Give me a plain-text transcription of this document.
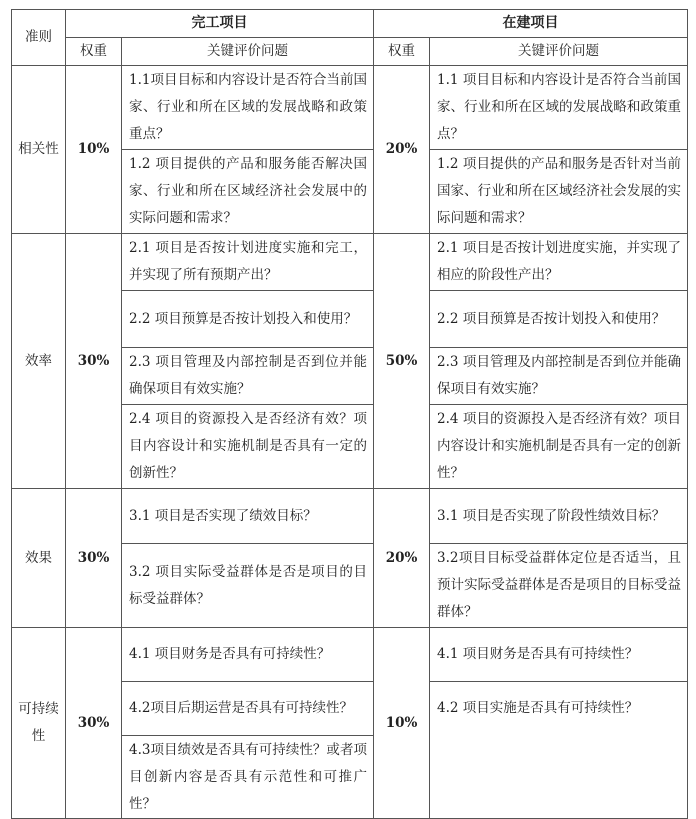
准则	完工项目		在建项目	
	权重	关键评价问题	权重	关键评价问题
相关性	10%	1.1项目目标和内容设计是否符合当前国家、行业和所在区域的发展战略和政策重点？	20%	1.1 项目目标和内容设计是否符合当前国家、行业和所在区域的发展战略和政策重点？
		1.2 项目提供的产品和服务能否解决国家、行业和所在区域经济社会发展中的实际问题和需求？		1.2 项目提供的产品和服务是否针对当前国家、行业和所在区域经济社会发展的实际问题和需求？
效率	30%	2.1 项目是否按计划进度实施和完工，并实现了所有预期产出？	50%	2.1 项目是否按计划进度实施，并实现了相应的阶段性产出？
		2.2 项目预算是否按计划投入和使用？		2.2 项目预算是否按计划投入和使用？
		2.3 项目管理及内部控制是否到位并能确保项目有效实施？		2.3 项目管理及内部控制是否到位并能确保项目有效实施？
		2.4 项目的资源投入是否经济有效？项目内容设计和实施机制是否具有一定的创新性？		2.4 项目的资源投入是否经济有效？项目内容设计和实施机制是否具有一定的创新性？
效果	30%	3.1 项目是否实现了绩效目标？	20%	3.1 项目是否实现了阶段性绩效目标？
		3.2 项目实际受益群体是否是项目的目标受益群体？		3.2项目目标受益群体定位是否适当，且预计实际受益群体是否是项目的目标受益群体？
可持续性	30%	4.1 项目财务是否具有可持续性？	10%	4.1 项目财务是否具有可持续性？
		4.2项目后期运营是否具有可持续性？		4.2 项目实施是否具有可持续性？
		4.3项目绩效是否具有可持续性？或者项目创新内容是否具有示范性和可推广性？		
